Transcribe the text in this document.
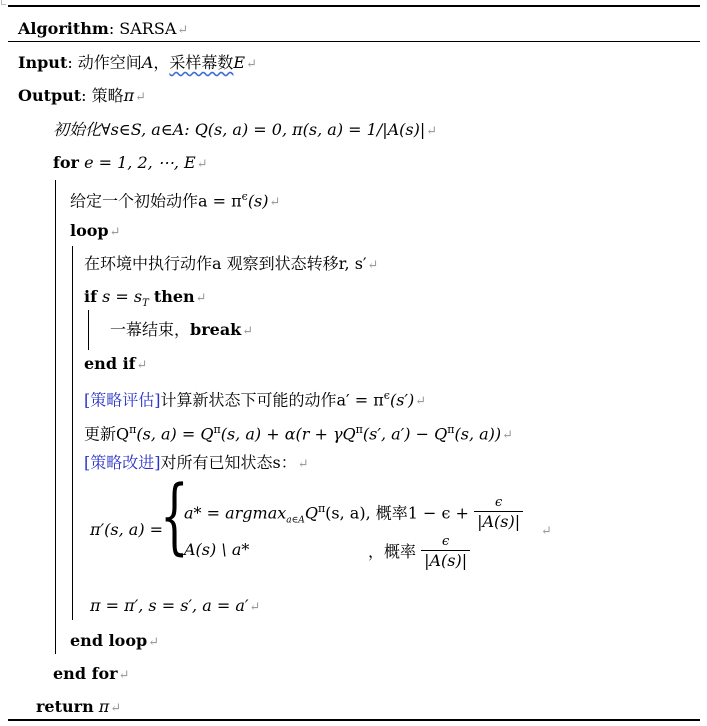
Algorithm: SARSA↵
Input: 动作空间A，采样幕数E↵
Output: 策略π↵
初始化∀s∈S, a∈A: Q(s, a) = 0, π(s, a) = 1/|A(s)|↵
for e = 1, 2, ⋯, E↵
给定一个初始动作$a = \pi^\epsilon(s)↵$
loop↵
在环境中执行动作a 观察到状态转移r, s′↵
if $s = s_T$ then↵
一幕结束，break↵
end if↵
[策略评估]计算新状态下可能的动作$a' = \pi^\epsilon(s')↵$
更新$Q^\pi(s$, $a) = Q^\pi(s$, $a) + \alpha(r + \gamma Q^\pi(s'$, $a') - Q^\pi(s$, a))↵
[策略改进]对所有已知状态s：↵
π′(s, a) =
{
$a* = argmax_{a\in A}Q^\pi(s$, a), 概率$1 - \epsilon + \frac{\epsilon}{|A(s)|}$ ↵
A(s) \ a*	，概率 $\frac{\epsilon}{|A(s)|}$
π = π′, s = s′, a = a′↵
end loop↵
end for↵
return π↵
